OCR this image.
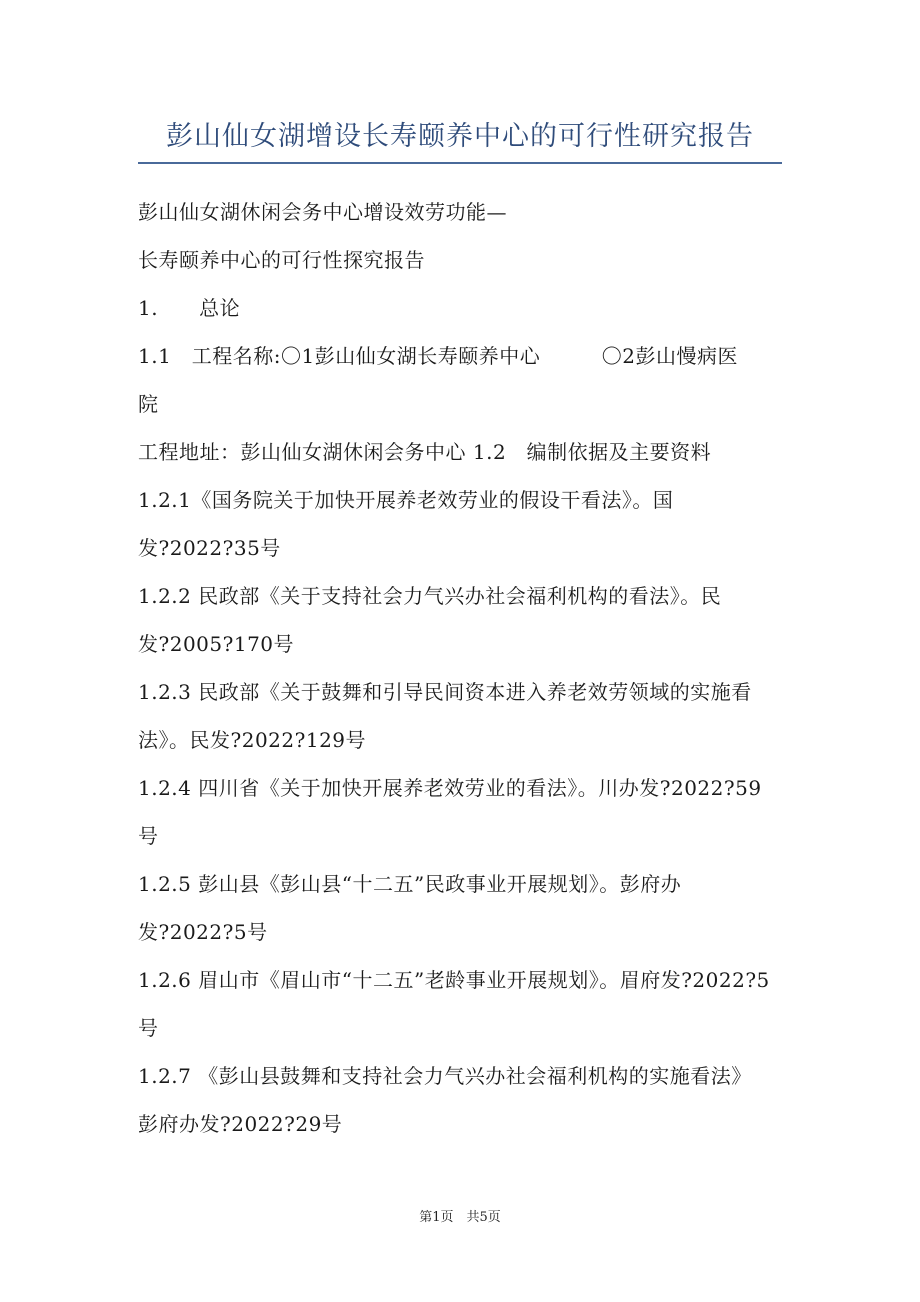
彭山仙女湖增设长寿颐养中心的可行性研究报告
彭山仙女湖休闲会务中心增设效劳功能—
长寿颐养中心的可行性探究报告
1.　　总论
1.1　工程名称:〇1彭山仙女湖长寿颐养中心　　　〇2彭山慢病医
院
工程地址：彭山仙女湖休闲会务中心 1.2　编制依据及主要资料
1.2.1《国务院关于加快开展养老效劳业的假设干看法》。国
发?2022?35号
1.2.2 民政部《关于支持社会力气兴办社会福利机构的看法》。民
发?2005?170号
1.2.3 民政部《关于鼓舞和引导民间资本进入养老效劳领域的实施看
法》。民发?2022?129号
1.2.4 四川省《关于加快开展养老效劳业的看法》。川办发?2022?59
号
1.2.5 彭山县《彭山县“十二五”民政事业开展规划》。彭府办
发?2022?5号
1.2.6 眉山市《眉山市“十二五”老龄事业开展规划》。眉府发?2022?5
号
1.2.7 《彭山县鼓舞和支持社会力气兴办社会福利机构的实施看法》
彭府办发?2022?29号
第1页　共5页
